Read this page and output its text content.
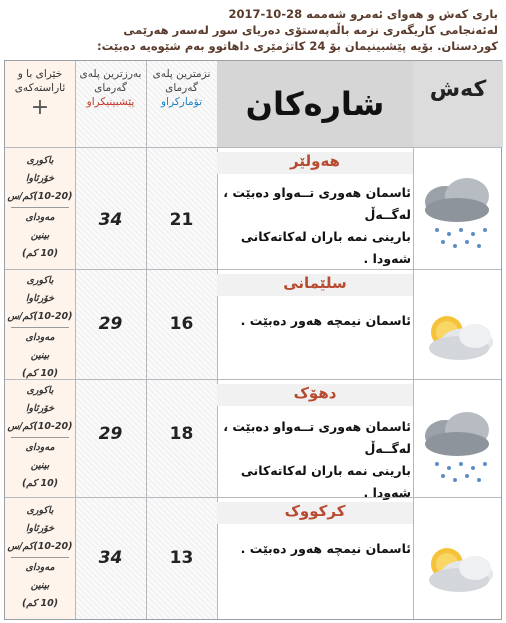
باری کەش و هەوای ئەمرو شەممە 28-10-2017
لەئەنجامی کاریگەری نزمە باڵەپەستۆی دەریای سور لەسەر هەرێمی
کوردستان. بۆیە پێشبینیمان بۆ 24 کاتژمێری داهاتوو بەم شێوەیە دەبێت:
کەش
شارەکان
نزمترین پلەی
گەرمای
تۆمارکراو
بەرزترین پلەی
گەرمای
پێشبینیکراو
خێرای با و
ئاراستەکەی
+
هەولێر
ئاسمان هەوری تــەواو دەبێت ، لەگــەڵ
بارینی نمە باران لەکاتەکانی شەودا .
21
34
باکوری
خۆرئاوا
(10-20)کم/س
مەودای
بینین
(10 کم)
سلێمانی
ئاسمان نیمچە هەور دەبێت .
16
29
باکوری
خۆرئاوا
(10-20)کم/س
مەودای
بینین
(10 کم)
دهۆک
ئاسمان هەوری تــەواو دەبێت ، لەگــەڵ
بارینی نمە باران لەکاتەکانی شەودا .
18
29
باکوری
خۆرئاوا
(10-20)کم/س
مەودای
بینین
(10 کم)
کرکووک
ئاسمان نیمچە هەور دەبێت .
13
34
باکوری
خۆرئاوا
(10-20)کم/س
مەودای
بینین
(10 کم)
